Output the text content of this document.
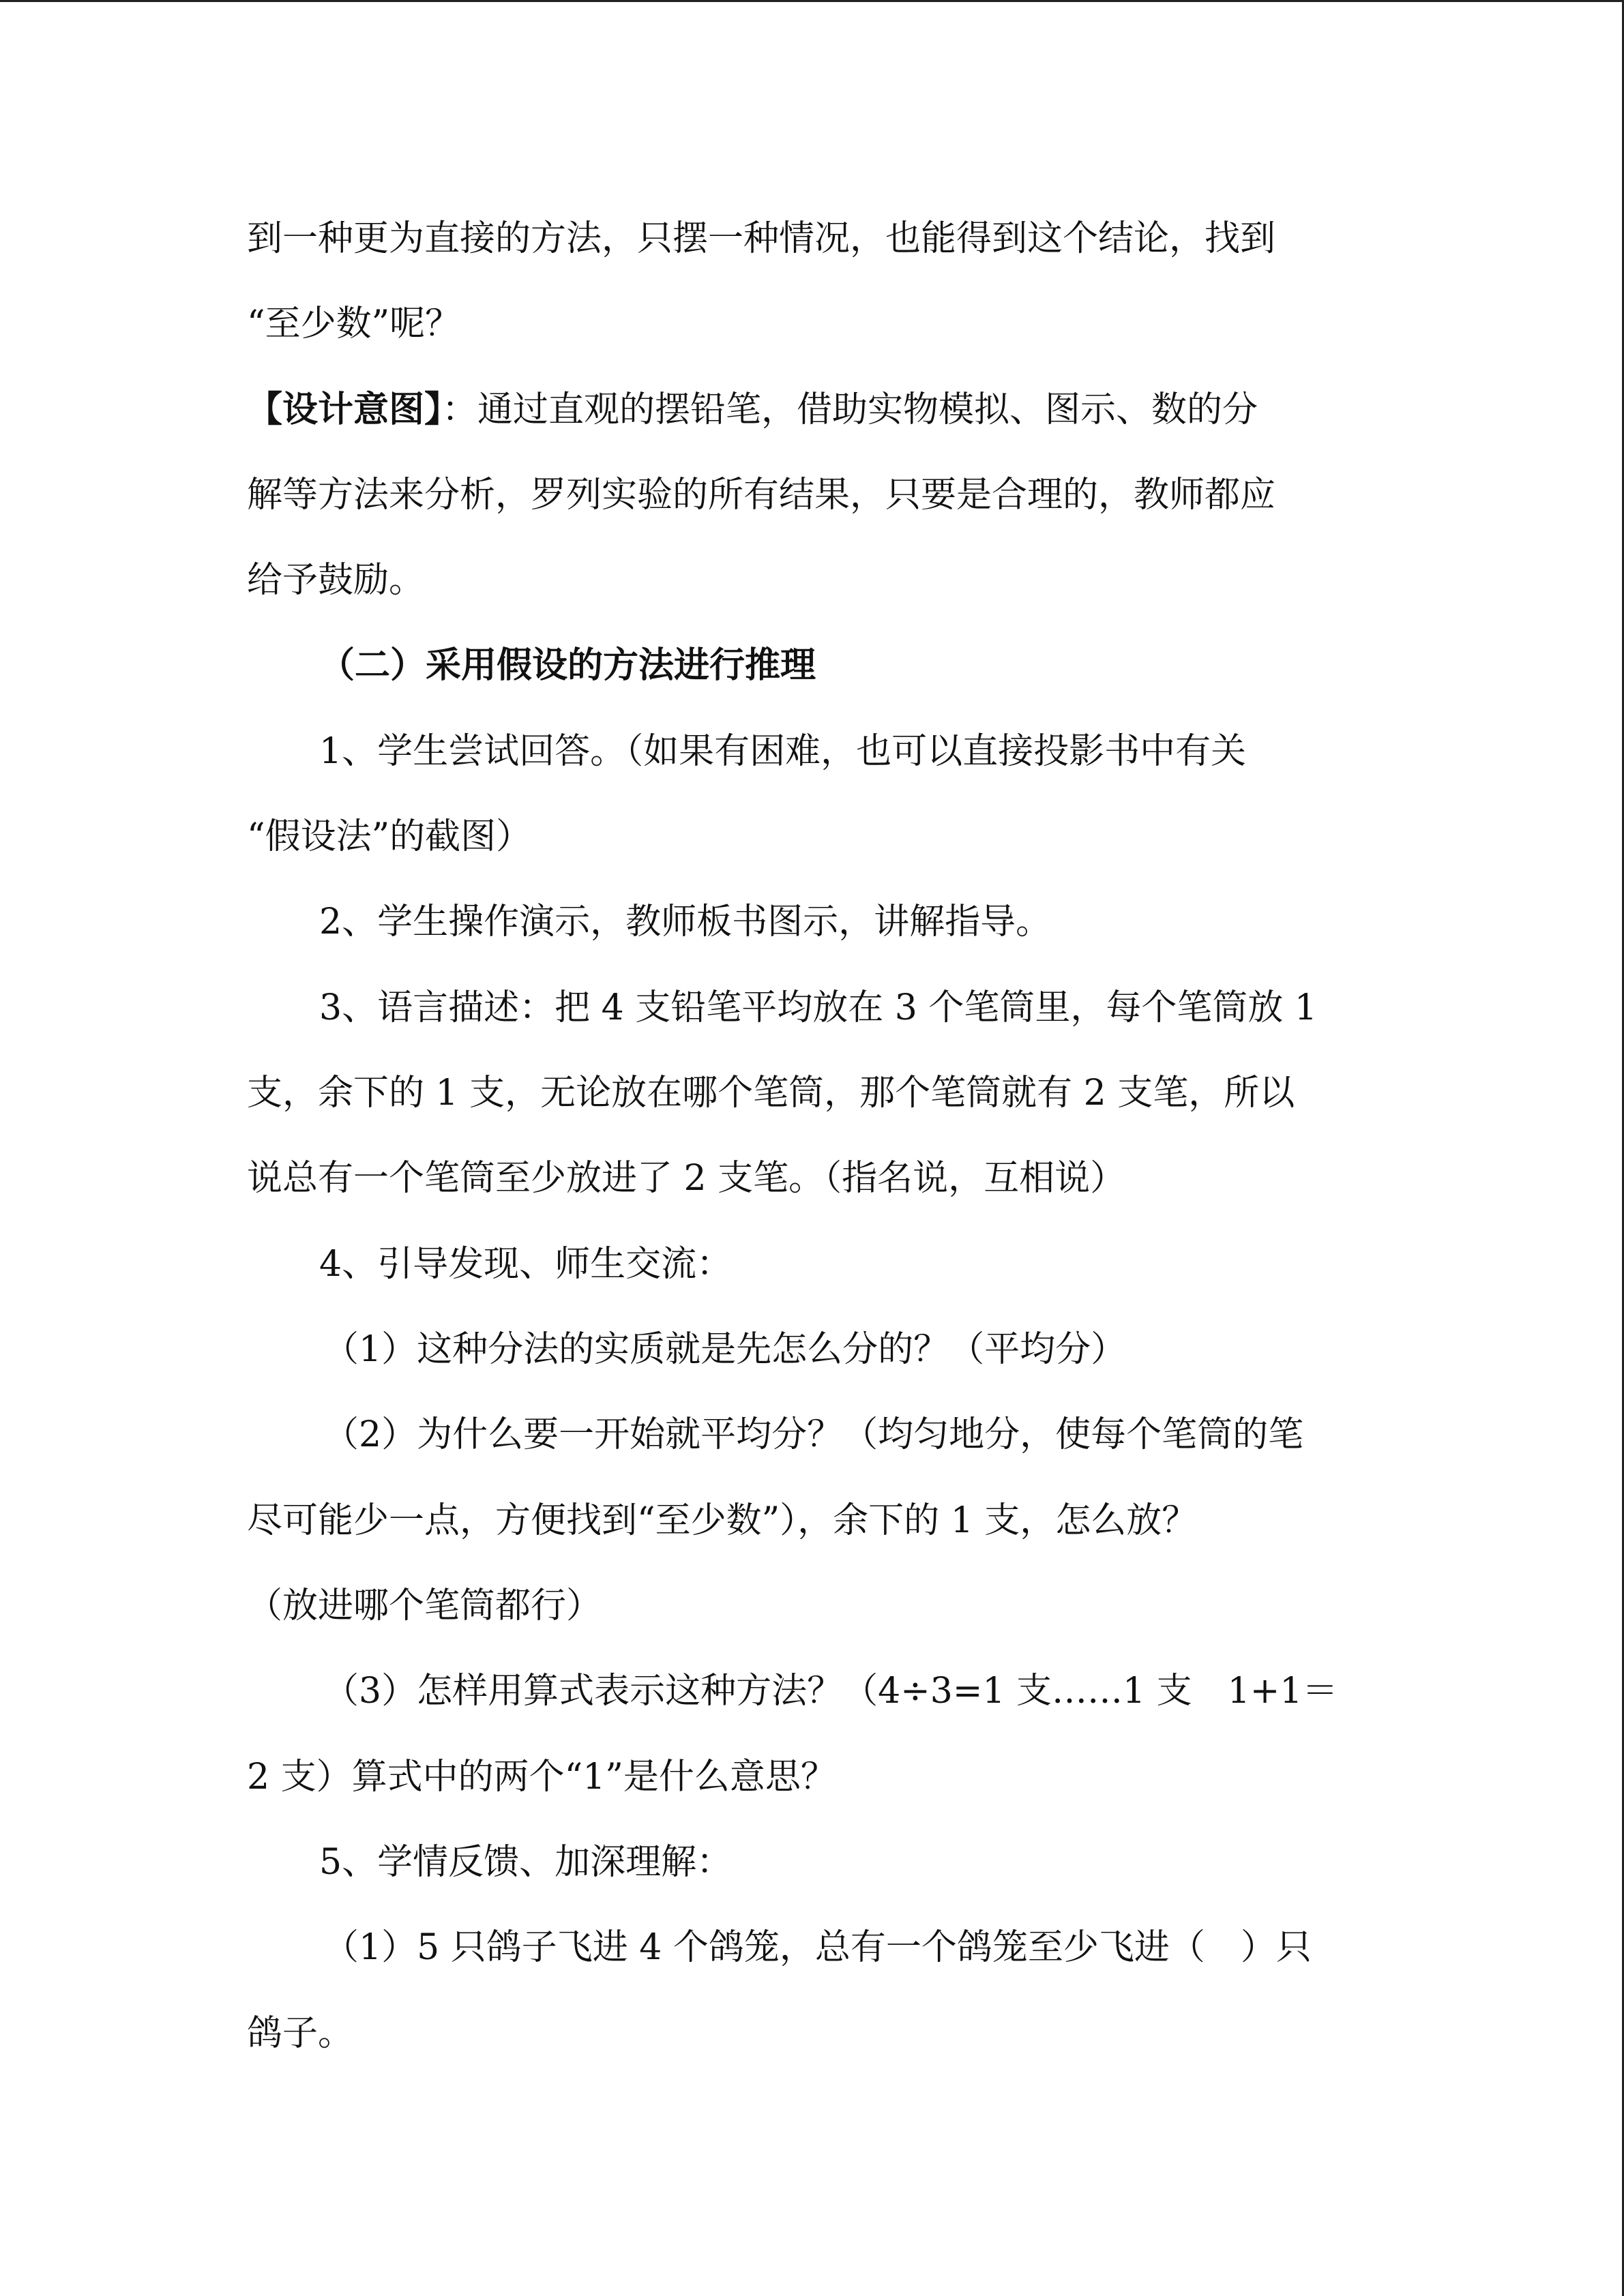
到一种更为直接的方法，只摆一种情况，也能得到这个结论，找到
“至少数”呢？
【设计意图】：通过直观的摆铅笔，借助实物模拟、图示、数的分
解等方法来分析，罗列实验的所有结果，只要是合理的，教师都应
给予鼓励。
（二）采用假设的方法进行推理
1、学生尝试回答。（如果有困难，也可以直接投影书中有关
“假设法”的截图）
2、学生操作演示，教师板书图示，讲解指导。
3、语言描述：把 4 支铅笔平均放在 3 个笔筒里，每个笔筒放 1
支，余下的 1 支，无论放在哪个笔筒，那个笔筒就有 2 支笔，所以
说总有一个笔筒至少放进了 2 支笔。（指名说，互相说）
4、引导发现、师生交流：
（1）这种分法的实质就是先怎么分的？（平均分）
（2）为什么要一开始就平均分？（均匀地分，使每个笔筒的笔
尽可能少一点，方便找到“至少数”），余下的 1 支，怎么放？
（放进哪个笔筒都行）
（3）怎样用算式表示这种方法？（4÷3=1 支……1 支　1+1＝
2 支）算式中的两个“1”是什么意思？
5、学情反馈、加深理解：
（1）5 只鸽子飞进 4 个鸽笼，总有一个鸽笼至少飞进（　）只
鸽子。
